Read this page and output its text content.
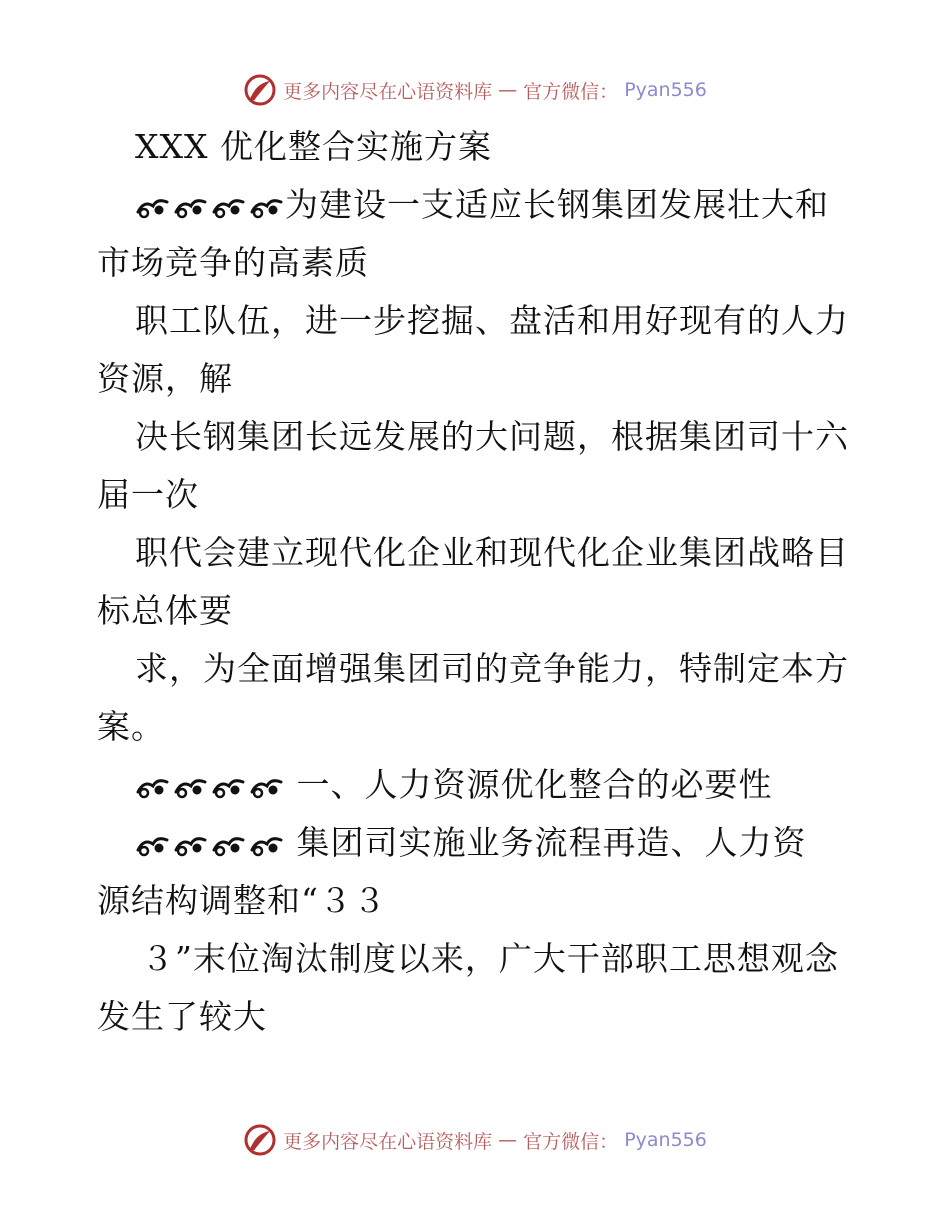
更多内容尽在心语资料库 — 官方微信： Pyan556
XXX 优化整合实施方案
为建设一支适应长钢集团发展壮大和
市场竞争的高素质
职工队伍，进一步挖掘、盘活和用好现有的人力
资源，解
决长钢集团长远发展的大问题，根据集团司十六
届一次
职代会建立现代化企业和现代化企业集团战略目
标总体要
求，为全面增强集团司的竞争能力，特制定本方
案。
一、人力资源优化整合的必要性
集团司实施业务流程再造、人力资
源结构调整和“３３
３”末位淘汰制度以来，广大干部职工思想观念
发生了较大
更多内容尽在心语资料库 — 官方微信： Pyan556
